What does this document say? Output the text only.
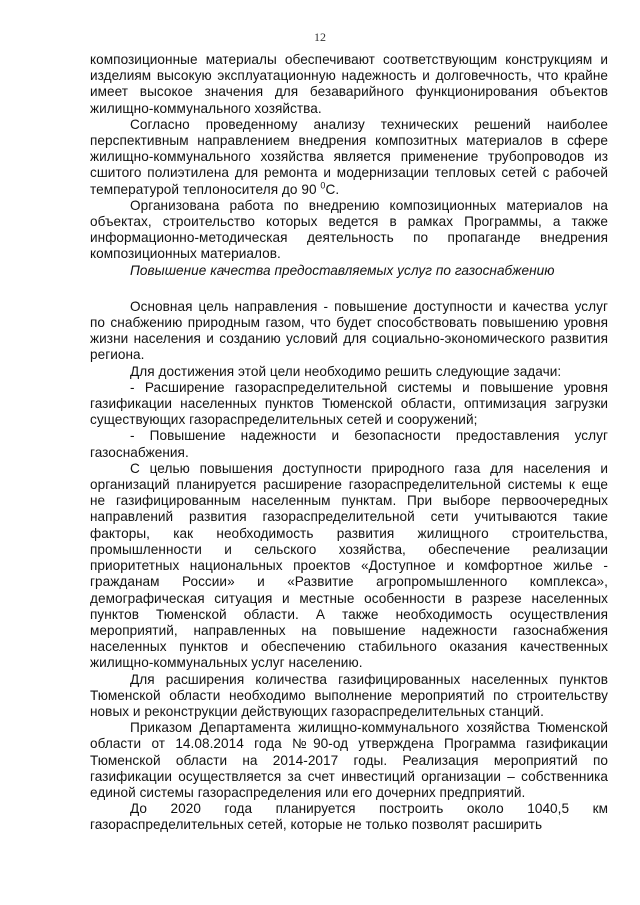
12

композиционные материалы обеспечивают соответствующим конструкциям и изделиям высокую эксплуатационную надежность и долговечность, что крайне имеет высокое значения для безаварийного функционирования объектов жилищно-коммунального хозяйства.

Согласно проведенному анализу технических решений наиболее перспективным направлением внедрения композитных материалов в сфере жилищно-коммунального хозяйства является применение трубопроводов из сшитого полиэтилена для ремонта и модернизации тепловых сетей с рабочей температурой теплоносителя до 90 $^0$С.

Организована работа по внедрению композиционных материалов на объектах, строительство которых ведется в рамках Программы, а также информационно-методическая деятельность по пропаганде внедрения композиционных материалов.

Повышение качества предоставляемых услуг по газоснабжению

Основная цель направления - повышение доступности и качества услуг по снабжению природным газом, что будет способствовать повышению уровня жизни населения и созданию условий для социально-экономического развития региона.

Для достижения этой цели необходимо решить следующие задачи:

- Расширение газораспределительной системы и повышение уровня газификации населенных пунктов Тюменской области, оптимизация загрузки существующих газораспределительных сетей и сооружений;

- Повышение надежности и безопасности предоставления услуг газоснабжения.

С целью повышения доступности природного газа для населения и организаций планируется расширение газораспределительной системы к еще не газифицированным населенным пунктам. При выборе первоочередных направлений развития газораспределительной сети учитываются такие факторы, как необходимость развития жилищного строительства, промышленности и сельского хозяйства, обеспечение реализации приоритетных национальных проектов «Доступное и комфортное жилье - гражданам России» и «Развитие агропромышленного комплекса», демографическая ситуация и местные особенности в разрезе населенных пунктов Тюменской области. А также необходимость осуществления мероприятий, направленных на повышение надежности газоснабжения населенных пунктов и обеспечению стабильного оказания качественных жилищно-коммунальных услуг населению.

Для расширения количества газифицированных населенных пунктов Тюменской области необходимо выполнение мероприятий по строительству новых и реконструкции действующих газораспределительных станций.

Приказом Департамента жилищно-коммунального хозяйства Тюменской области от 14.08.2014 года №90-од утверждена Программа газификации Тюменской области на 2014-2017 годы. Реализация мероприятий по газификации осуществляется за счет инвестиций организации – собственника единой системы газораспределения или его дочерних предприятий.

До 2020 года планируется построить около 1040,5 км газораспределительных сетей, которые не только позволят расширить
